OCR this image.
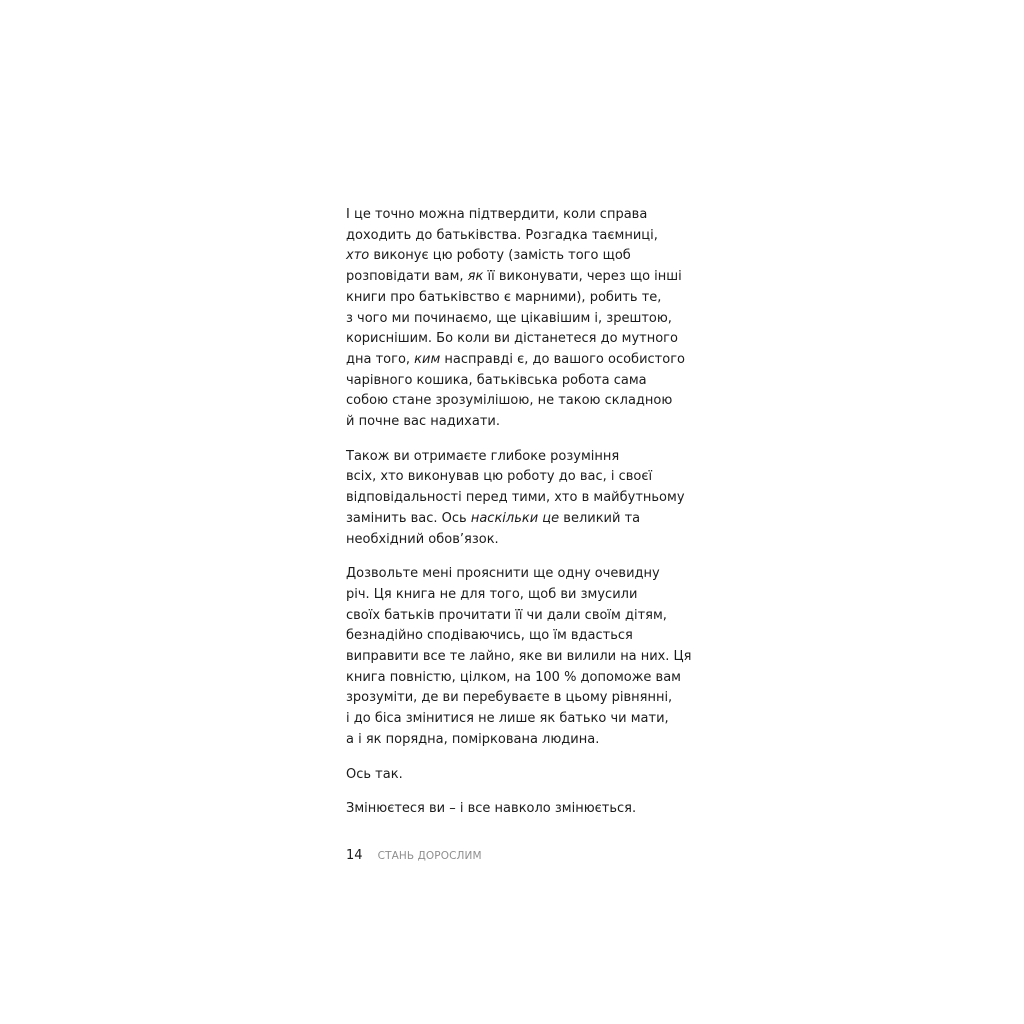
І це точно можна підтвердити, коли справа
доходить до батьківства. Розгадка таємниці,
хто виконує цю роботу (замість того щоб
розповідати вам, як її виконувати, через що інші
книги про батьківство є марними), робить те,
з чого ми починаємо, ще цікавішим і, зрештою,
кориснішим. Бо коли ви дістанетеся до мутного
дна того, ким насправді є, до вашого особистого
чарівного кошика, батьківська робота сама
собою стане зрозумілішою, не такою складною
й почне вас надихати.
Також ви отримаєте глибоке розуміння
всіх, хто виконував цю роботу до вас, і своєї
відповідальності перед тими, хто в майбутньому
замінить вас. Ось наскільки це великий та
необхідний обов’язок.
Дозвольте мені прояснити ще одну очевидну
річ. Ця книга не для того, щоб ви змусили
своїх батьків прочитати її чи дали своїм дітям,
безнадійно сподіваючись, що їм вдасться
виправити все те лайно, яке ви вилили на них. Ця
книга повністю, цілком, на 100 % допоможе вам
зрозуміти, де ви перебуваєте в цьому рівнянні,
і до біса змінитися не лише як батько чи мати,
а і як порядна, поміркована людина.
Ось так.
Змінюєтеся ви – і все навколо змінюється.
14 СТАНЬ ДОРОСЛИМ
